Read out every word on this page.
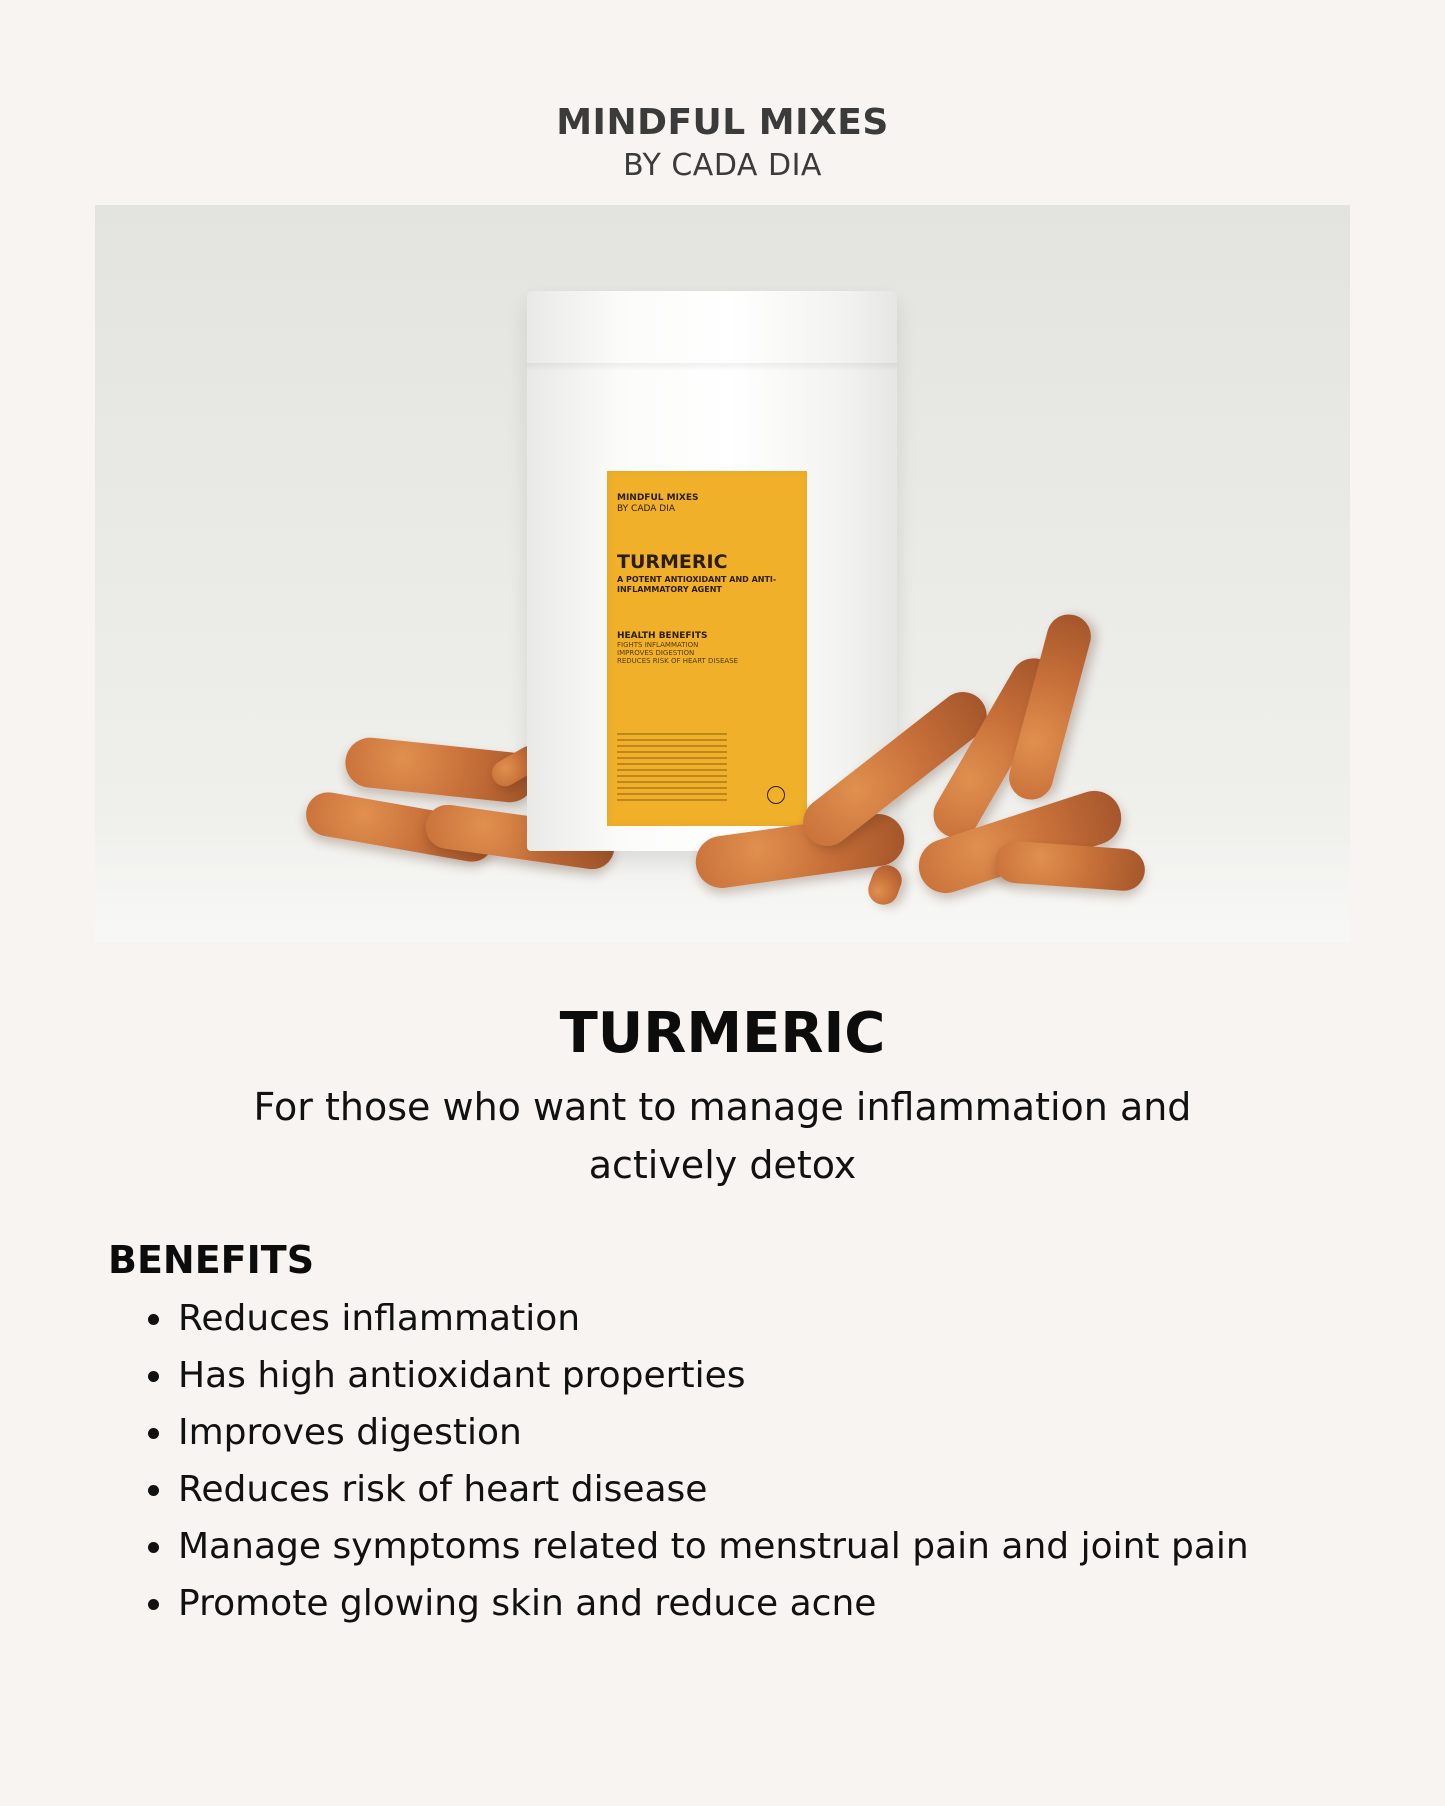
MINDFUL MIXES
BY CADA DIA
MINDFUL MIXES
BY CADA DIA
TURMERIC
A POTENT ANTIOXIDANT AND ANTI-INFLAMMATORY AGENT
HEALTH BENEFITS
FIGHTS INFLAMMATION
IMPROVES DIGESTION
REDUCES RISK OF HEART DISEASE
TURMERIC

For those who want to manage inflammation and actively detox

BENEFITS
Reduces inflammation
Has high antioxidant properties
Improves digestion
Reduces risk of heart disease
Manage symptoms related to menstrual pain and joint pain
Promote glowing skin and reduce acne
